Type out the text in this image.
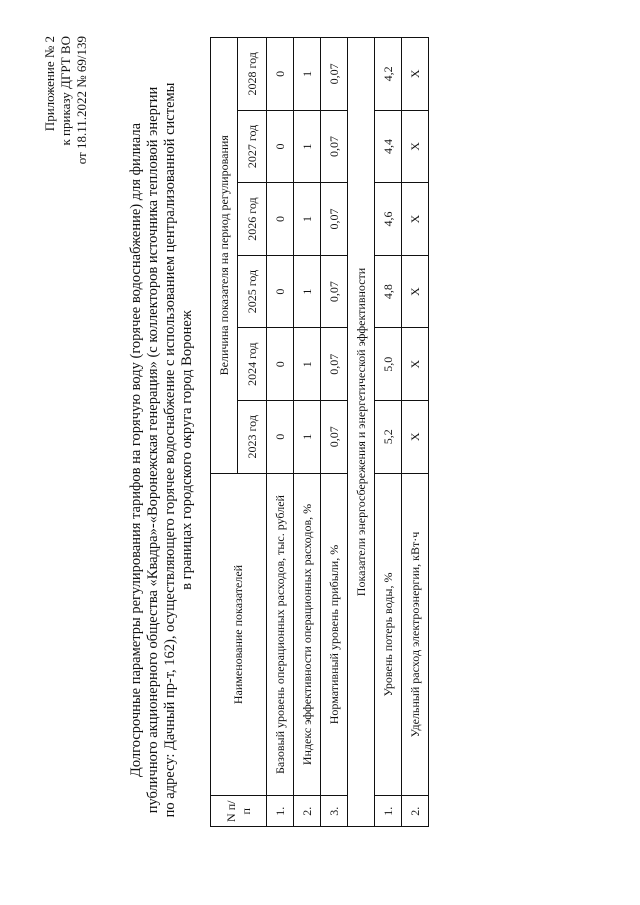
Приложение № 2 к приказу ДГРТ ВО от 18.11.2022 № 69/139
Долгосрочные параметры регулирования тарифов на горячую воду (горячее водоснабжение) для филиала публичного акционерного общества «Квадра»-«Воронежская генерация» (с коллекторов источника тепловой энергии по адресу: Дачный пр-т, 162), осуществляющего горячее водоснабжение с использованием централизованной системы в границах городского округа город Воронеж
N п/п	Наименование показателей	Величина показателя на период регулирования					
		2023 год	2024 год	2025 год	2026 год	2027 год	2028 год
1.	Базовый уровень операционных расходов, тыс. рублей	0	0	0	0	0	0
2.	Индекс эффективности операционных расходов, %	1	1	1	1	1	1
3.	Нормативный уровень прибыли, %	0,07	0,07	0,07	0,07	0,07	0,07
Показатели энергосбережения и энергетической эффективности							
1.	Уровень потерь воды, %	5,2	5,0	4,8	4,6	4,4	4,2
2.	Удельный расход электроэнергии, кВт·ч	Х	Х	Х	Х	Х	Х
